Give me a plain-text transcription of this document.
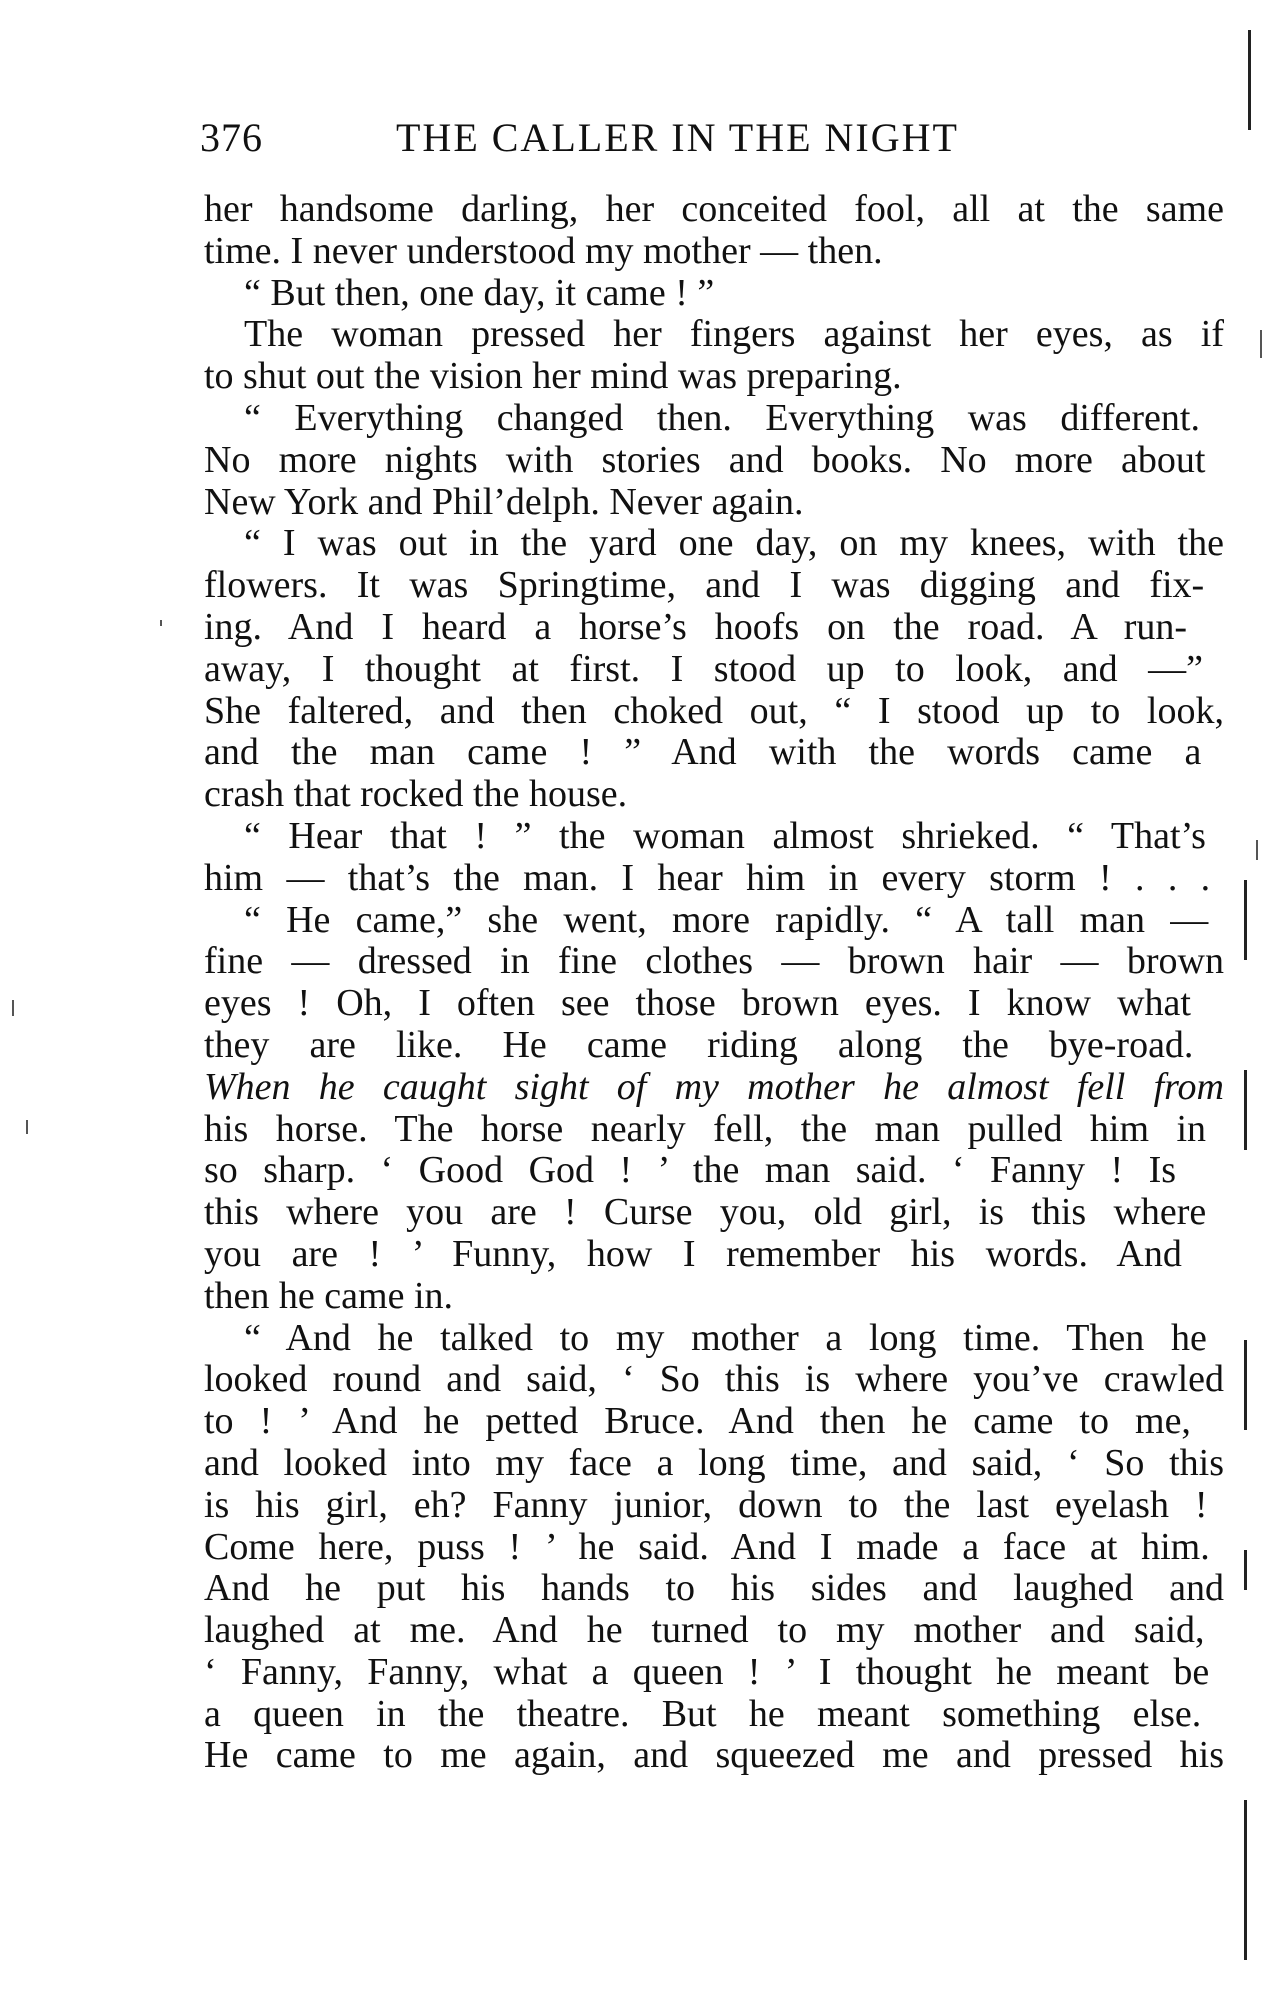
376	THE CALLER IN THE NIGHT
her handsome darling, her conceited fool, all at the same
time. I never understood my mother — then.
“ But then, one day, it came ! ”
The woman pressed her fingers against her eyes, as if
to shut out the vision her mind was preparing.
“ Everything changed then. Everything was different.
No more nights with stories and books. No more about
New York and Phil’delph. Never again.
“ I was out in the yard one day, on my knees, with the
flowers. It was Springtime, and I was digging and fix-
ing. And I heard a horse’s hoofs on the road. A run-
away, I thought at first. I stood up to look, and —”
She faltered, and then choked out, “ I stood up to look,
and the man came ! ” And with the words came a
crash that rocked the house.
“ Hear that ! ” the woman almost shrieked. “ That’s
him — that’s the man. I hear him in every storm ! . . .
“ He came,” she went, more rapidly. “ A tall man —
fine — dressed in fine clothes — brown hair — brown
eyes ! Oh, I often see those brown eyes. I know what
they are like. He came riding along the bye-road.
When he caught sight of my mother he almost fell from
his horse. The horse nearly fell, the man pulled him in
so sharp. ‘ Good God ! ’ the man said. ‘ Fanny ! Is
this where you are ! Curse you, old girl, is this where
you are ! ’ Funny, how I remember his words. And
then he came in.
“ And he talked to my mother a long time. Then he
looked round and said, ‘ So this is where you’ve crawled
to ! ’ And he petted Bruce. And then he came to me,
and looked into my face a long time, and said, ‘ So this
is his girl, eh? Fanny junior, down to the last eyelash !
Come here, puss ! ’ he said. And I made a face at him.
And he put his hands to his sides and laughed and
laughed at me. And he turned to my mother and said,
‘ Fanny, Fanny, what a queen ! ’ I thought he meant be
a queen in the theatre. But he meant something else.
He came to me again, and squeezed me and pressed his
